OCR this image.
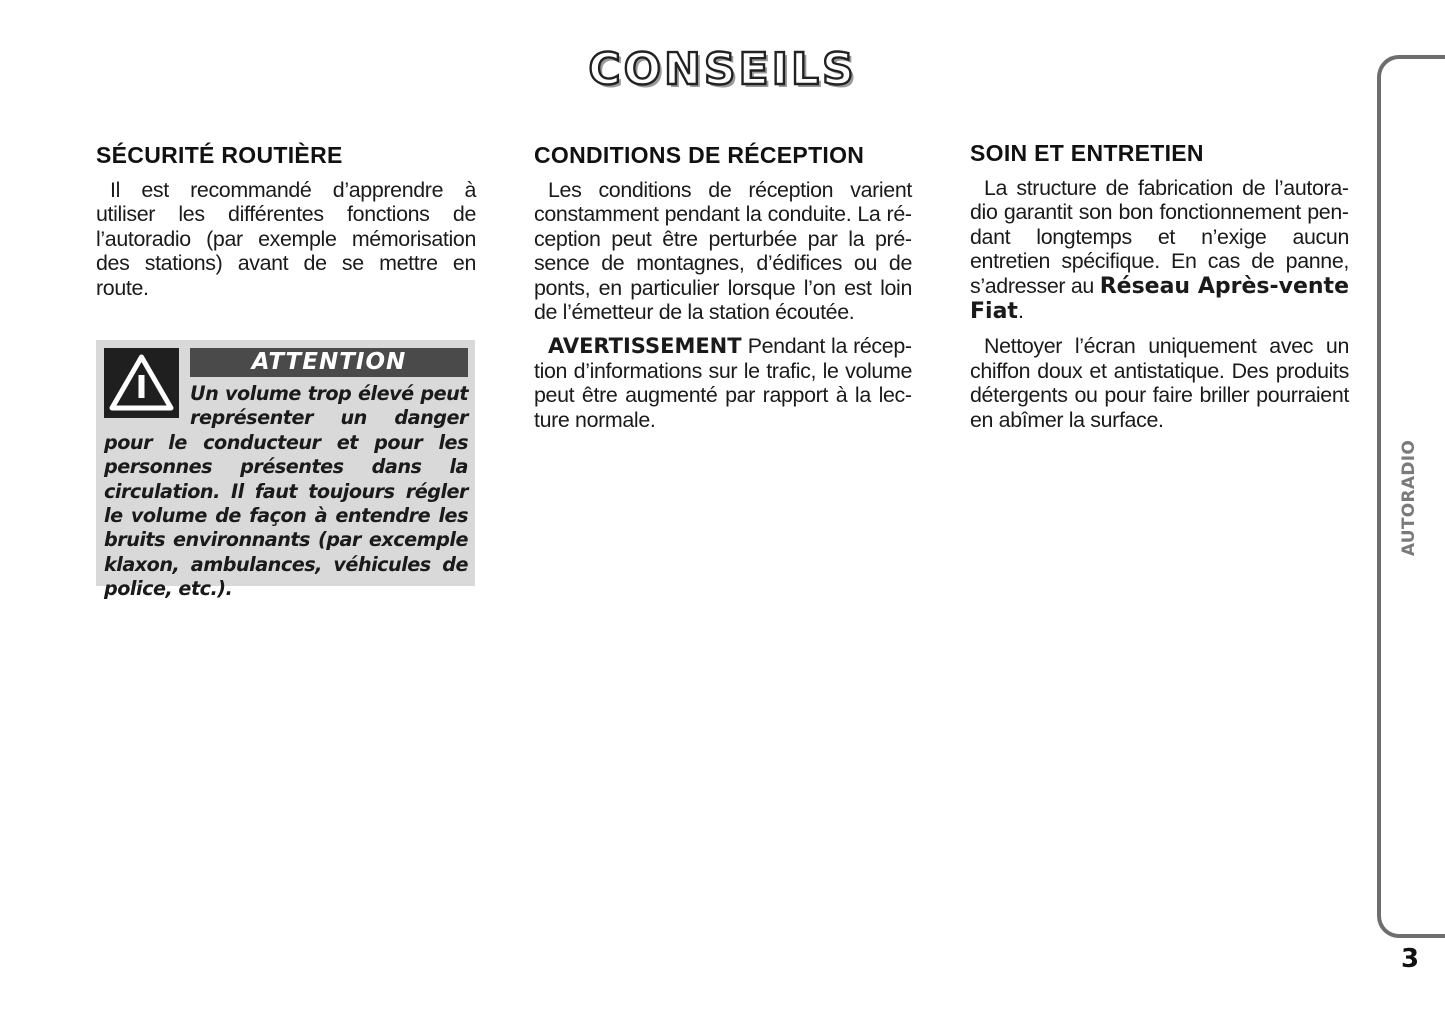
CONSEILS
SÉCURITÉ ROUTIÈRE

Il est recommandé d’apprendre à utiliser les différentes fonctions de l’autoradio (par exemple mémorisation des stations) avant de se mettre en route.

ATTENTION
Un volume trop élevé peut représenter un danger pour le conducteur et pour les personnes présentes dans la circulation. Il faut toujours régler le volume de façon à entendre les bruits environnants (par excemple klaxon, ambulances, véhicules de police, etc.).
CONDITIONS DE RÉCEPTION

Les conditions de réception varient constamment pendant la conduite. La réception peut être perturbée par la présence de montagnes, d’édifices ou de ponts, en particulier lorsque l’on est loin de l’émetteur de la station écoutée.

AVERTISSEMENT Pendant la réception d’informations sur le trafic, le volume peut être augmenté par rapport à la lecture normale.

SOIN ET ENTRETIEN

La structure de fabrication de l’autoradio garantit son bon fonctionnement pendant longtemps et n’exige aucun entretien spécifique. En cas de panne, s’adresser au Réseau Après-vente Fiat.

Nettoyer l’écran uniquement avec un chiffon doux et antistatique. Des produits détergents ou pour faire briller pourraient en abîmer la surface.

AUTORADIO
3
